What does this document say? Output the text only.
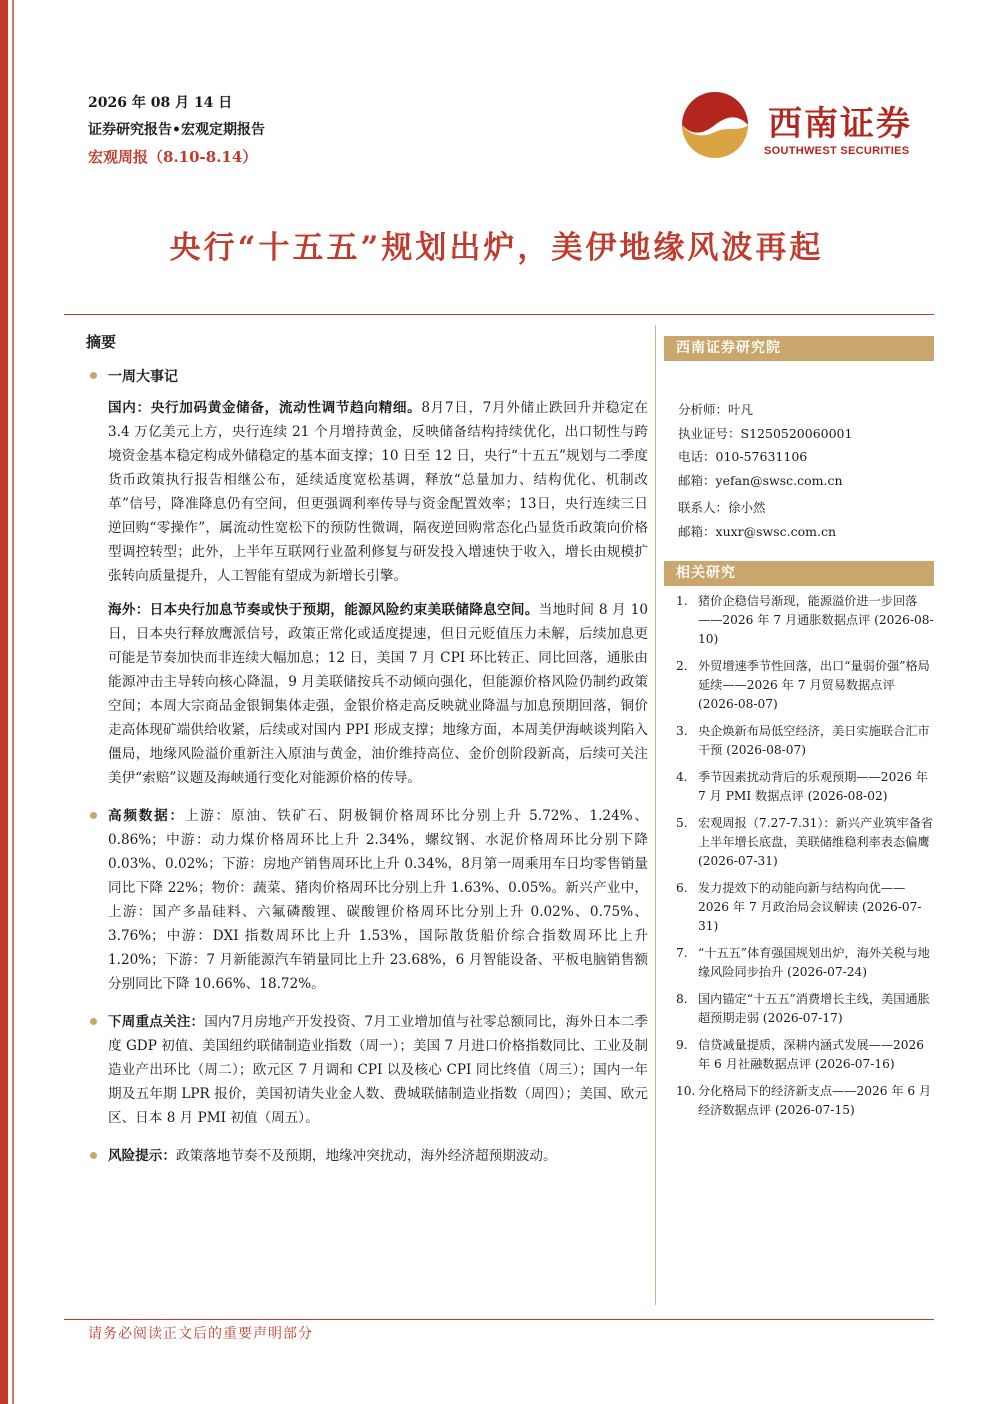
2026 年 08 月 14 日
证券研究报告•宏观定期报告
宏观周报（8.10-8.14）
西南证券
SOUTHWEST SECURITIES
央行“十五五”规划出炉，美伊地缘风波再起
摘要
一周大事记
国内：央行加码黄金储备，流动性调节趋向精细。8月7日，7月外储止跌回升并稳定在 3.4 万亿美元上方，央行连续 21 个月增持黄金，反映储备结构持续优化，出口韧性与跨境资金基本稳定构成外储稳定的基本面支撑；10 日至 12 日，央行“十五五”规划与二季度货币政策执行报告相继公布，延续适度宽松基调，释放“总量加力、结构优化、机制改革”信号，降准降息仍有空间，但更强调利率传导与资金配置效率；13日，央行连续三日逆回购“零操作”，属流动性宽松下的预防性微调，隔夜逆回购常态化凸显货币政策向价格型调控转型；此外，上半年互联网行业盈利修复与研发投入增速快于收入，增长由规模扩张转向质量提升，人工智能有望成为新增长引擎。
海外：日本央行加息节奏或快于预期，能源风险约束美联储降息空间。当地时间 8 月 10 日，日本央行释放鹰派信号，政策正常化或适度提速，但日元贬值压力未解，后续加息更可能是节奏加快而非连续大幅加息；12 日，美国 7 月 CPI 环比转正、同比回落，通胀由能源冲击主导转向核心降温，9 月美联储按兵不动倾向强化，但能源价格风险仍制约政策空间；本周大宗商品金银铜集体走强，金银价格走高反映就业降温与加息预期回落，铜价走高体现矿端供给收紧，后续或对国内 PPI 形成支撑；地缘方面，本周美伊海峡谈判陷入僵局，地缘风险溢价重新注入原油与黄金，油价维持高位、金价创阶段新高，后续可关注美伊“索赔”议题及海峡通行变化对能源价格的传导。
高频数据：上游：原油、铁矿石、阴极铜价格周环比分别上升 5.72%、1.24%、0.86%；中游：动力煤价格周环比上升 2.34%，螺纹钢、水泥价格周环比分别下降 0.03%、0.02%；下游：房地产销售周环比上升 0.34%，8月第一周乘用车日均零售销量同比下降 22%；物价：蔬菜、猪肉价格周环比分别上升 1.63%、0.05%。新兴产业中，上游：国产多晶硅料、六氟磷酸锂、碳酸锂价格周环比分别上升 0.02%、0.75%、3.76%；中游：DXI 指数周环比上升 1.53%，国际散货船价综合指数周环比上升 1.20%；下游：7 月新能源汽车销量同比上升 23.68%，6 月智能设备、平板电脑销售额分别同比下降 10.66%、18.72%。
下周重点关注：国内7月房地产开发投资、7月工业增加值与社零总额同比，海外日本二季度 GDP 初值、美国纽约联储制造业指数（周一）；美国 7 月进口价格指数同比、工业及制造业产出环比（周二）；欧元区 7 月调和 CPI 以及核心 CPI 同比终值（周三）；国内一年期及五年期 LPR 报价，美国初请失业金人数、费城联储制造业指数（周四）；美国、欧元区、日本 8 月 PMI 初值（周五）。
风险提示：政策落地节奏不及预期，地缘冲突扰动，海外经济超预期波动。
西南证券研究院
分析师：叶凡
执业证号：S1250520060001
电话：010-57631106
邮箱：yefan@swsc.com.cn
联系人：徐小然
邮箱：xuxr@swsc.com.cn
相关研究
1. 猪价企稳信号渐现，能源溢价进一步回落——2026 年 7 月通胀数据点评 (2026-08-10)
2. 外贸增速季节性回落，出口“量弱价强”格局延续——2026 年 7 月贸易数据点评 (2026-08-07)
3. 央企焕新布局低空经济，美日实施联合汇市干预 (2026-08-07)
4. 季节因素扰动背后的乐观预期——2026 年 7 月 PMI 数据点评 (2026-08-02)
5. 宏观周报（7.27-7.31）：新兴产业筑牢备省上半年增长底盘，美联储维稳利率表态偏鹰 (2026-07-31)
6. 发力提效下的动能向新与结构向优——2026 年 7 月政治局会议解读 (2026-07-31)
7. “十五五”体育强国规划出炉，海外关税与地缘风险同步抬升 (2026-07-24)
8. 国内锚定“十五五”消费增长主线，美国通胀超预期走弱 (2026-07-17)
9. 信贷减量提质，深耕内涵式发展——2026 年 6 月社融数据点评 (2026-07-16)
10. 分化格局下的经济新支点——2026 年 6 月经济数据点评 (2026-07-15)
请务必阅读正文后的重要声明部分
